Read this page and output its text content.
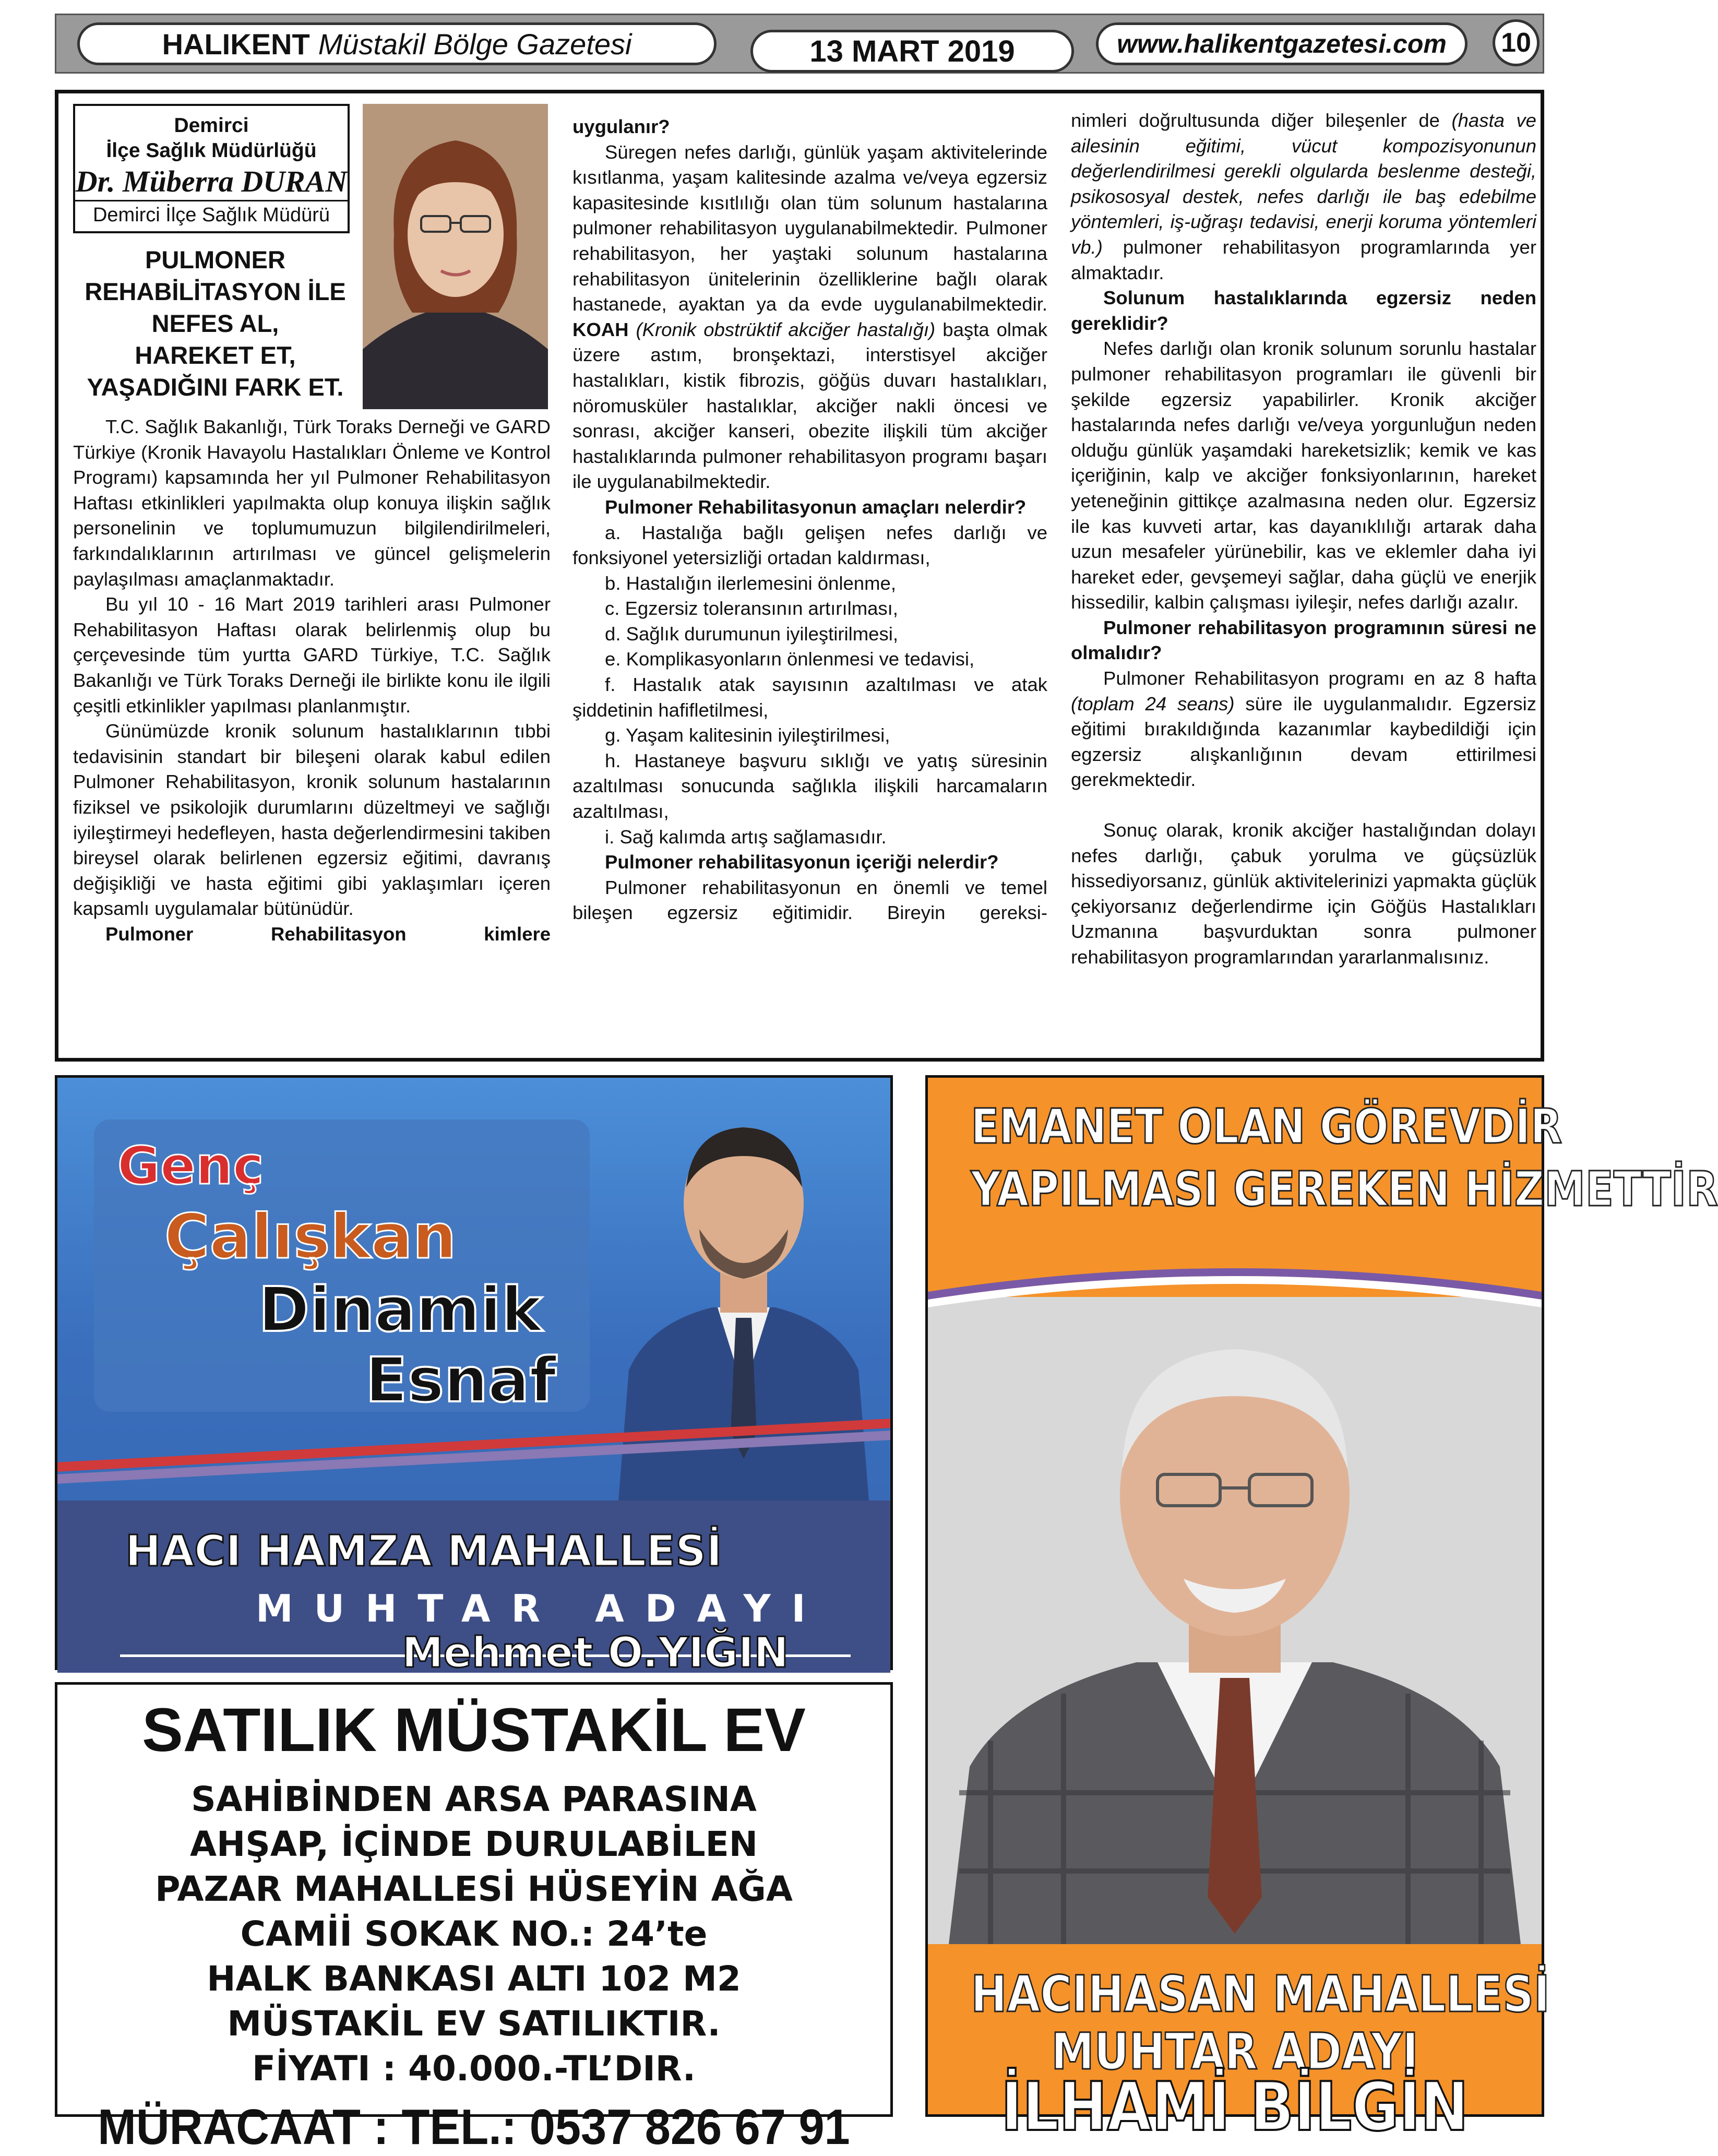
HALIKENT Müstakil Bölge Gazetesi	13 MART 2019	www.halikentgazetesi.com	10
Demirci
İlçe Sağlık Müdürlüğü
Dr. Müberra DURAN
Demirci İlçe Sağlık Müdürü
PULMONER
REHABİLİTASYON İLE
NEFES AL,
HAREKET ET,
YAŞADIĞINI FARK ET.

T.C. Sağlık Bakanlığı, Türk Toraks Derneği ve GARD Türkiye (Kronik Havayolu Hastalıkları Önleme ve Kontrol Programı) kapsamında her yıl Pulmoner Rehabilitasyon Haftası etkinlikleri yapılmakta olup konuya ilişkin sağlık personelinin ve toplumumuzun bilgilendirilmeleri, farkındalıklarının artırılması ve güncel gelişmelerin paylaşılması amaçlanmaktadır.

Bu yıl 10 - 16 Mart 2019 tarihleri arası Pulmoner Rehabilitasyon Haftası olarak belirlenmiş olup bu çerçevesinde tüm yurtta GARD Türkiye, T.C. Sağlık Bakanlığı ve Türk Toraks Derneği ile birlikte konu ile ilgili çeşitli etkinlikler yapılması planlanmıştır.

Günümüzde kronik solunum hastalıklarının tıbbi tedavisinin standart bir bileşeni olarak kabul edilen Pulmoner Rehabilitasyon, kronik solunum hastalarının fiziksel ve psikolojik durumlarını düzeltmeyi ve sağlığı iyileştirmeyi hedefleyen, hasta değerlendirmesini takiben bireysel olarak belirlenen egzersiz eğitimi, davranış değişikliği ve hasta eğitimi gibi yaklaşımları içeren kapsamlı uygulamalar bütünüdür.

Pulmoner Rehabilitasyon kimlere

uygulanır?

Süregen nefes darlığı, günlük yaşam aktivitelerinde kısıtlanma, yaşam kalitesinde azalma ve/veya egzersiz kapasitesinde kısıtlılığı olan tüm solunum hastalarına pulmoner rehabilitasyon uygulanabilmektedir. Pulmoner rehabilitasyon, her yaştaki solunum hastalarına rehabilitasyon ünitelerinin özelliklerine bağlı olarak hastanede, ayaktan ya da evde uygulanabilmektedir. KOAH (Kronik obstrüktif akciğer hastalığı) başta olmak üzere astım, bronşektazi, interstisyel akciğer hastalıkları, kistik fibrozis, göğüs duvarı hastalıkları, nöromusküler hastalıklar, akciğer nakli öncesi ve sonrası, akciğer kanseri, obezite ilişkili tüm akciğer hastalıklarında pulmoner rehabilitasyon programı başarı ile uygulanabilmektedir.

Pulmoner Rehabilitasyonun amaçları nelerdir?

a. Hastalığa bağlı gelişen nefes darlığı ve fonksiyonel yetersizliği ortadan kaldırması,

b. Hastalığın ilerlemesini önlenme,

c. Egzersiz toleransının artırılması,

d. Sağlık durumunun iyileştirilmesi,

e. Komplikasyonların önlenmesi ve tedavisi,

f. Hastalık atak sayısının azaltılması ve atak şiddetinin hafifletilmesi,

g. Yaşam kalitesinin iyileştirilmesi,

h. Hastaneye başvuru sıklığı ve yatış süresinin azaltılması sonucunda sağlıkla ilişkili harcamaların azaltılması,

i. Sağ kalımda artış sağlamasıdır.

Pulmoner rehabilitasyonun içeriği nelerdir?

Pulmoner rehabilitasyonun en önemli ve temel bileşen egzersiz eğitimidir. Bireyin gereksi-

nimleri doğrultusunda diğer bileşenler de (hasta ve ailesinin eğitimi, vücut kompozisyonunun değerlendirilmesi gerekli olgularda beslenme desteği, psikososyal destek, nefes darlığı ile baş edebilme yöntemleri, iş-uğraşı tedavisi, enerji koruma yöntemleri vb.) pulmoner rehabilitasyon programlarında yer almaktadır.

Solunum hastalıklarında egzersiz neden gereklidir?

Nefes darlığı olan kronik solunum sorunlu hastalar pulmoner rehabilitasyon programları ile güvenli bir şekilde egzersiz yapabilirler. Kronik akciğer hastalarında nefes darlığı ve/veya yorgunluğun neden olduğu günlük yaşamdaki hareketsizlik; kemik ve kas içeriğinin, kalp ve akciğer fonksiyonlarının, hareket yeteneğinin gittikçe azalmasına neden olur. Egzersiz ile kas kuvveti artar, kas dayanıklılığı artarak daha uzun mesafeler yürünebilir, kas ve eklemler daha iyi hareket eder, gevşemeyi sağlar, daha güçlü ve enerjik hissedilir, kalbin çalışması iyileşir, nefes darlığı azalır.

Pulmoner rehabilitasyon programının süresi ne olmalıdır?

Pulmoner Rehabilitasyon programı en az 8 hafta (toplam 24 seans) süre ile uygulanmalıdır. Egzersiz eğitimi bırakıldığında kazanımlar kaybedildiği için egzersiz alışkanlığının devam ettirilmesi gerekmektedir.

Sonuç olarak, kronik akciğer hastalığından dolayı nefes darlığı, çabuk yorulma ve güçsüzlük hissediyorsanız, günlük aktivitelerinizi yapmakta güçlük çekiyorsanız değerlendirme için Göğüs Hastalıkları Uzmanına başvurduktan sonra pulmoner rehabilitasyon programlarından yararlanmalısınız.

Genç
Çalışkan
Dinamik
Esnaf
HACI HAMZA MAHALLESİ
MUHTAR ADAYI
Mehmet O.YIĞIN
SATILIK MÜSTAKİL EV
SAHİBİNDEN ARSA PARASINA
AHŞAP, İÇİNDE DURULABİLEN
PAZAR MAHALLESİ HÜSEYİN AĞA
CAMİİ SOKAK NO.: 24’te
HALK BANKASI ALTI 102 M2
MÜSTAKİL EV SATILIKTIR.
FİYATI : 40.000.-TL’DIR.
MÜRACAAT : TEL.: 0537 826 67 91
EMANET OLAN GÖREVDİR
YAPILMASI GEREKEN HİZMETTİR
HACIHASAN MAHALLESİ
MUHTAR ADAYI
İLHAMİ BİLGİN
